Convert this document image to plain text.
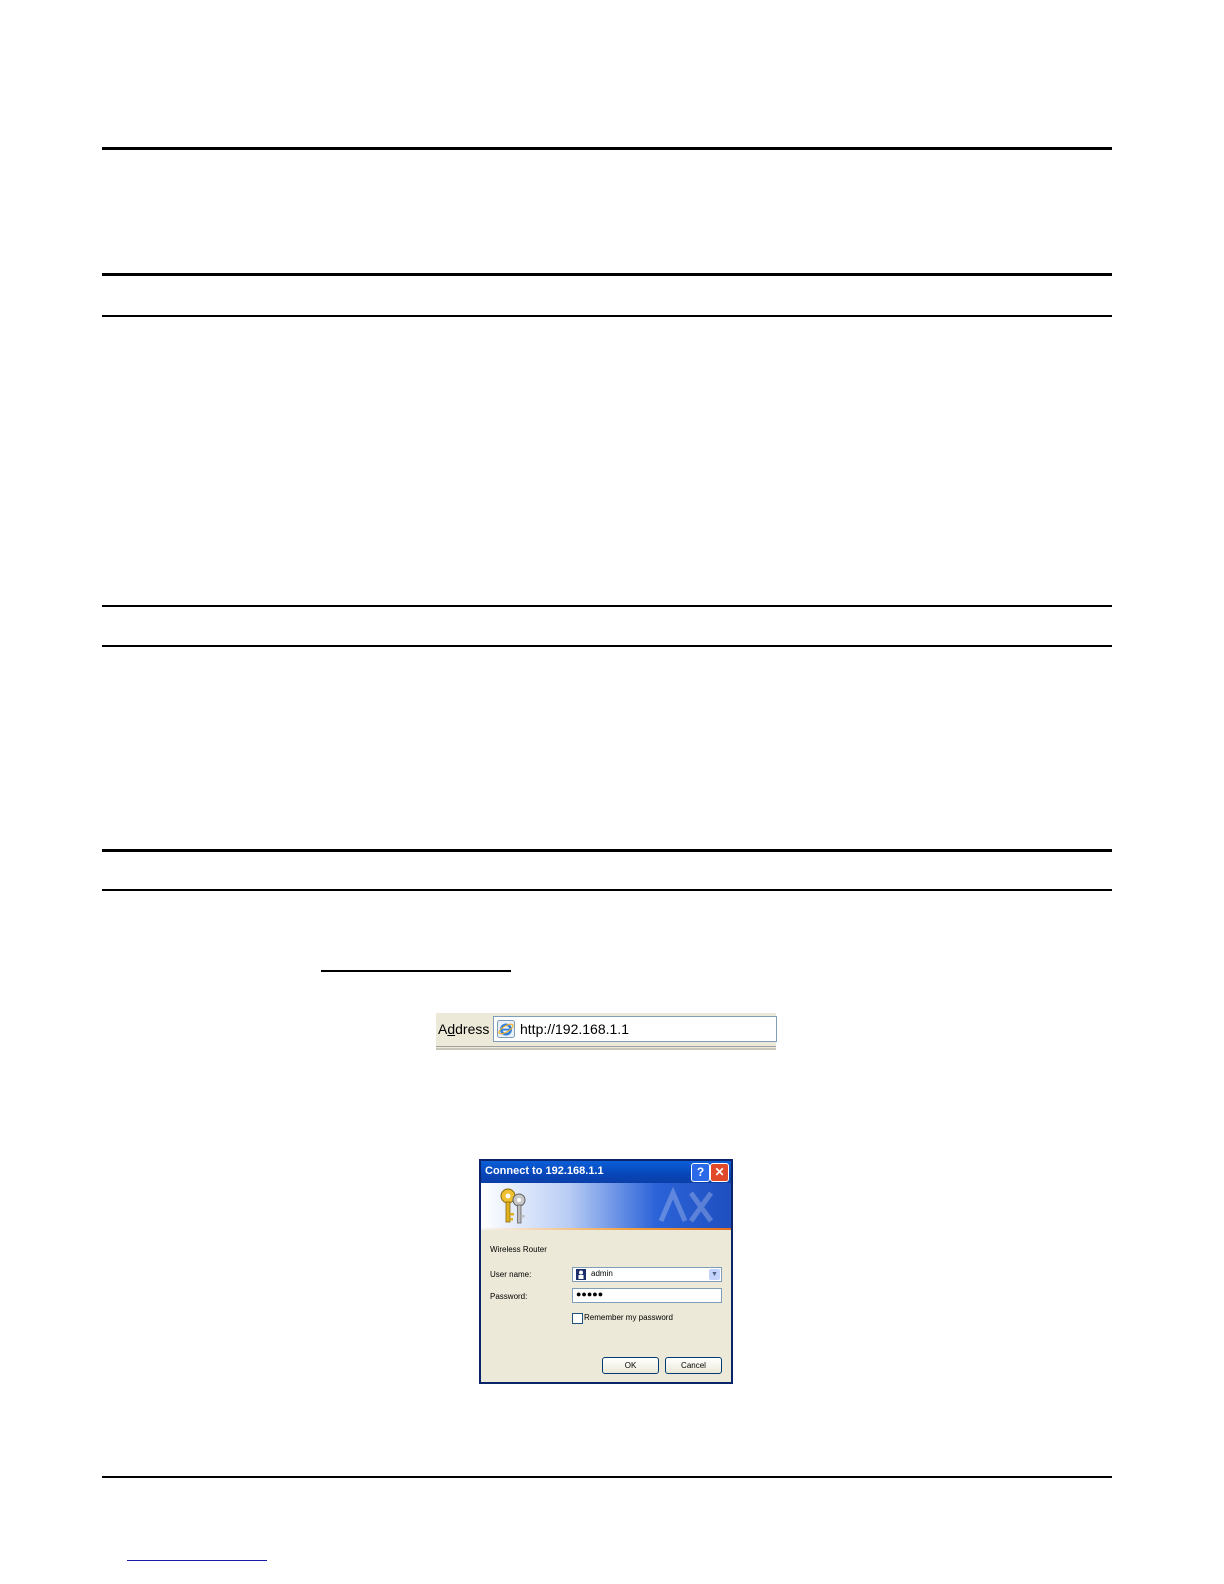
Address http://192.168.1.1
Connect to 192.168.1.1	? ✕
Wireless Router
User name:	admin	▼
Password:	●●●●●
Remember my password
OK	Cancel
